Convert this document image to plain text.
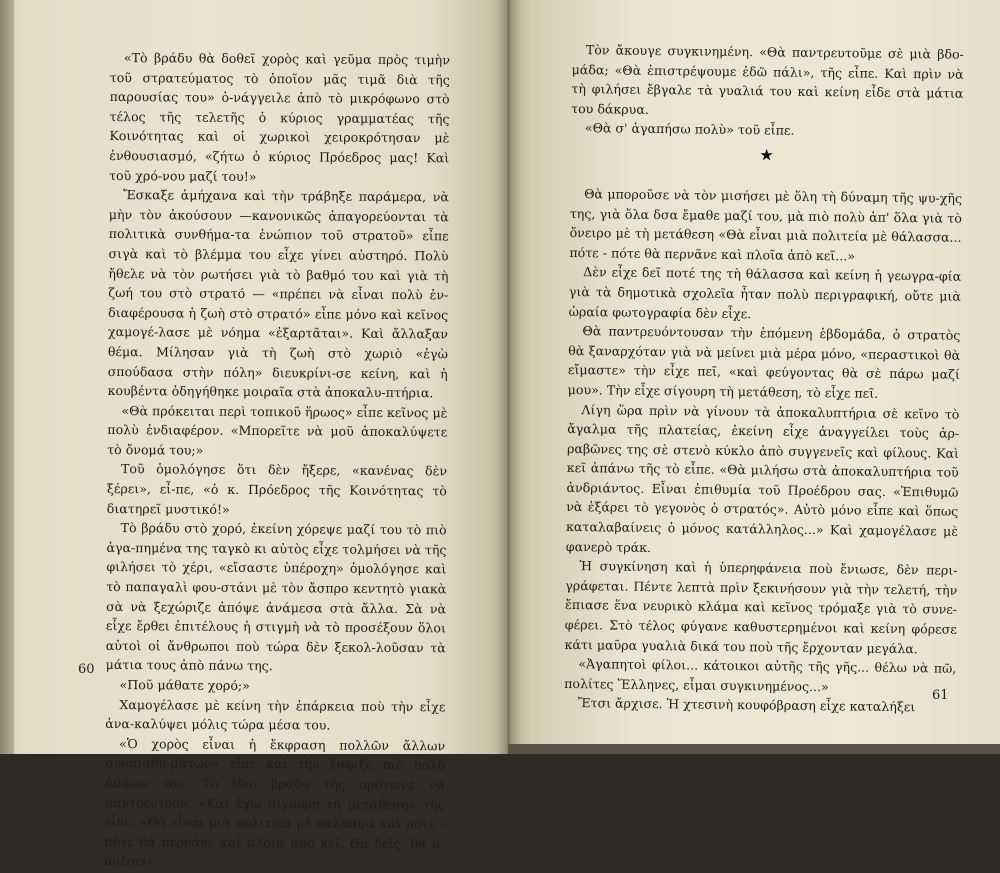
«Τὸ βράδυ θὰ δοθεῖ χορὸς καὶ γεῦμα πρὸς τιμὴν τοῦ στρατεύματος τὸ ὁποῖον μᾶς τιμᾶ διὰ τῆς παρουσίας του» ὁ-νάγγειλε ἀπὸ τὸ μικρόφωνο στὸ τέλος τῆς τελετῆς ὁ κύριος γραμματέας τῆς Κοινότητας καὶ οἱ χωρικοὶ χειροκρότησαν μὲ ἐνθουσιασμό, «ζήτω ὁ κύριος Πρόεδρος μας! Καὶ τοῦ χρό-νου μαζί του!»

Ἔσκαξε ἀμήχανα καὶ τὴν τράβηξε παράμερα, νὰ μὴν τὸν ἀκούσουν —κανονικῶς ἀπαγορεύονται τὰ πολιτικὰ συνθήμα-τα ἐνώπιον τοῦ στρατοῦ» εἶπε σιγὰ καὶ τὸ βλέμμα του εἶχε γίνει αὐστηρό. Πολὺ ἤθελε νὰ τὸν ρωτήσει γιὰ τὸ βαθμό του καὶ γιὰ τὴ ζωή του στὸ στρατό — «πρέπει νὰ εἶναι πολὺ ἐν-διαφέρουσα ἡ ζωὴ στὸ στρατό» εἶπε μόνο καὶ κεῖνος χαμογέ-λασε μὲ νόημα «ἐξαρτᾶται». Καὶ ἄλλαξαν θέμα. Μίλησαν γιὰ τὴ ζωὴ στὸ χωριὸ «ἐγὼ σπούδασα στὴν πόλη» διευκρίνι-σε κείνη, καὶ ἡ κουβέντα ὁδηγήθηκε μοιραῖα στὰ ἀποκαλυ-πτήρια.

«Θὰ πρόκειται περὶ τοπικοῦ ἥρωος» εἶπε κεῖνος μὲ πολὺ ἐνδιαφέρον. «Μπορεῖτε νὰ μοῦ ἀποκαλύψετε τὸ ὄνομά του;»

Τοῦ ὁμολόγησε ὅτι δὲν ἤξερε, «κανένας δὲν ξέρει», εἶ-πε, «ὁ κ. Πρόεδρος τῆς Κοινότητας τὸ διατηρεῖ μυστικό!»

Τὸ βράδυ στὸ χορό, ἐκείνη χόρεψε μαζί του τὸ πιὸ ἀγα-πημένα της ταγκὸ κι αὐτὸς εἶχε τολμήσει νὰ τῆς φιλήσει τὸ χέρι, «εἴσαστε ὑπέροχη» ὁμολόγησε καὶ τὸ παπαγαλὶ φου-στάνι μὲ τὸν ἄσπρο κεντητὸ γιακὰ σὰ νὰ ξεχώριζε ἀπόψε ἀνάμεσα στὰ ἄλλα. Σὰ νὰ εἶχε ἔρθει ἐπιτέλους ἡ στιγμὴ νὰ τὸ προσέξουν ὅλοι αὐτοὶ οἱ ἄνθρωποι ποὺ τώρα δὲν ξεκολ-λοῦσαν τὰ μάτια τους ἀπὸ πάνω της.

«Ποῦ μάθατε χορό;»

Χαμογέλασε μὲ κείνη τὴν ἐπάρκεια ποὺ τὴν εἶχε ἀνα-καλύψει μόλις τώρα μέσα του.

«Ὁ χορὸς εἶναι ἡ ἔκφραση πολλῶν ἄλλων συναισθη-μάτων» εἶπε καὶ τὴν ἔσφιξε πιὸ πολὺ ἀπάνω του. Τὸ ἴδιο βράδυ τῆς πρότεινε νὰ παντρευτοῦν. «Καὶ ἔχω σίγουρη τὴ μετάθεση» τῆς εἶπε. «Θὰ εἶναι μιὰ πολιτεία μὲ θάλασσα καὶ πότε - πότε θὰ περνᾶνε καὶ πλοῖα ἀπὸ κεῖ. Θὰ δεῖς, θὰ σ' ἀρέσει».

60

Τὸν ἄκουγε συγκινημένη. «Θὰ παντρευτοῦμε σὲ μιὰ βδο-μάδα; «Θὰ ἐπιστρέψουμε ἐδῶ πάλι», τῆς εἶπε. Καὶ πρὶν νὰ τὴ φιλήσει ἔβγαλε τὰ γυαλιά του καὶ κείνη εἶδε στὰ μάτια του δάκρυα.

«Θὰ σ' ἀγαπήσω πολὺ» τοῦ εἶπε.

★

Θὰ μποροῦσε νὰ τὸν μισήσει μὲ ὅλη τὴ δύναμη τῆς ψυ-χῆς της, γιὰ ὅλα δσα ἔμαθε μαζί του, μὰ πιὸ πολὺ ἀπ' ὅλα γιὰ τὸ ὄνειρο μὲ τὴ μετάθεση «Θὰ εἶναι μιὰ πολιτεία μὲ θάλασσα... πότε - πότε θὰ περνᾶνε καὶ πλοῖα ἀπὸ κεῖ...»

Δὲν εἶχε δεῖ ποτέ της τὴ θάλασσα καὶ κείνη ἡ γεωγρα-φία γιὰ τὰ δημοτικὰ σχολεῖα ἦταν πολὺ περιγραφική, οὔτε μιὰ ὡραία φωτογραφία δὲν εἶχε.

Θὰ παντρευόντουσαν τὴν ἑπόμενη ἑβδομάδα, ὁ στρατὸς θὰ ξαναρχόταν γιὰ νὰ μείνει μιὰ μέρα μόνο, «περαστικοὶ θὰ εἴμαστε» τὴν εἶχε πεῖ, «καὶ φεύγοντας θὰ σὲ πάρω μαζί μου». Τὴν εἶχε σίγουρη τὴ μετάθεση, τὸ εἶχε πεῖ.

Λίγη ὥρα πρὶν νὰ γίνουν τὰ ἀποκαλυπτήρια σὲ κεῖνο τὸ ἄγαλμα τῆς πλατείας, ἐκείνη εἶχε ἀναγγείλει τοὺς ἀρ-ραβῶνες της σὲ στενὸ κύκλο ἀπὸ συγγενεῖς καὶ φίλους. Καὶ κεῖ ἀπάνω τῆς τὸ εἶπε. «Θὰ μιλήσω στὰ ἀποκαλυπτήρια τοῦ ἀνδριάντος. Εἶναι ἐπιθυμία τοῦ Προέδρου σας. «Ἐπιθυμῶ νὰ ἐξάρει τὸ γεγονὸς ὁ στρατός». Αὐτὸ μόνο εἶπε καὶ ὅπως καταλαβαίνεις ὁ μόνος κατάλληλος...» Καὶ χαμογέλασε μὲ φανερὸ τράκ.

Ἡ συγκίνηση καὶ ἡ ὑπερηφάνεια ποὺ ἔνιωσε, δὲν περι-γράφεται. Πέντε λεπτὰ πρὶν ξεκινήσουν γιὰ τὴν τελετή, τὴν ἔπιασε ἕνα νευρικὸ κλάμα καὶ κεῖνος τρόμαξε γιὰ τὸ συνε-φέρει. Στὸ τέλος φύγανε καθυστερημένοι καὶ κείνη φόρεσε κάτι μαῦρα γυαλιὰ δικά του ποὺ τῆς ἔρχονταν μεγάλα.

«Ἀγαπητοὶ φίλοι... κάτοικοι αὐτῆς τῆς γῆς... θέλω νὰ πῶ, πολίτες Ἕλληνες, εἶμαι συγκινημένος...»

Ἔτσι ἄρχισε. Ἡ χτεσινὴ κουφόβραση εἶχε καταλήξει

61
